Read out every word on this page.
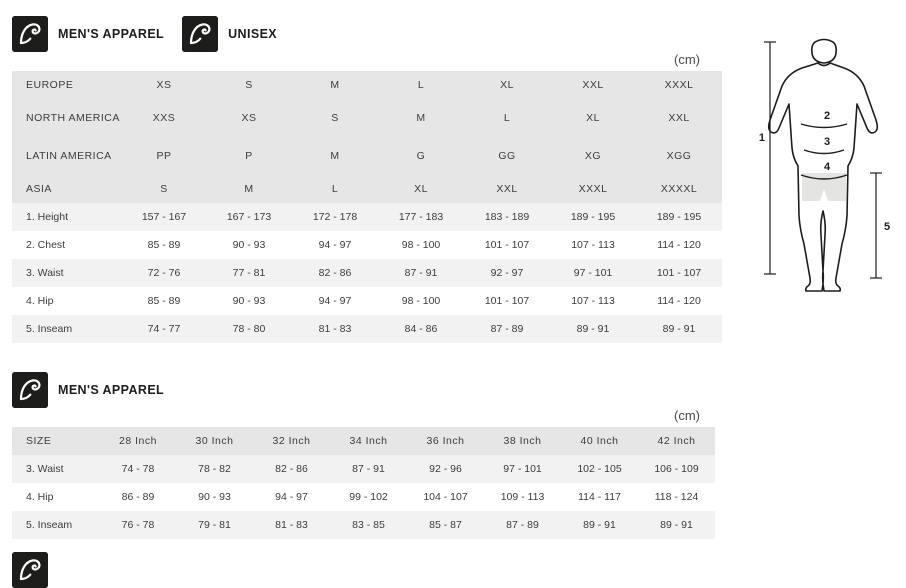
MEN'S APPAREL	UNISEX
(cm)
EUROPE	XS	S	M	L	XL	XXL	XXXL
NORTH AMERICA	XXS	XS	S	M	L	XL	XXL
LATIN AMERICA	PP	P	M	G	GG	XG	XGG
ASIA	S	M	L	XL	XXL	XXXL	XXXXL
1. Height	157 - 167	167 - 173	172 - 178	177 - 183	183 - 189	189 - 195	189 - 195
2. Chest	85 - 89	90 - 93	94 - 97	98 - 100	101 - 107	107 - 113	114 - 120
3. Waist	72 - 76	77 - 81	82 - 86	87 - 91	92 - 97	97 - 101	101 - 107
4. Hip	85 - 89	90 - 93	94 - 97	98 - 100	101 - 107	107 - 113	114 - 120
5. Inseam	74 - 77	78 - 80	81 - 83	84 - 86	87 - 89	89 - 91	89 - 91
MEN'S APPAREL
(cm)
SIZE	28 Inch	30 Inch	32 Inch	34 Inch	36 Inch	38 Inch	40 Inch	42 Inch
3. Waist	74 - 78	78 - 82	82 - 86	87 - 91	92 - 96	97 - 101	102 - 105	106 - 109
4. Hip	86 - 89	90 - 93	94 - 97	99 - 102	104 - 107	109 - 113	114 - 117	118 - 124
5. Inseam	76 - 78	79 - 81	81 - 83	83 - 85	85 - 87	87 - 89	89 - 91	89 - 91
1
2
3
4
5
